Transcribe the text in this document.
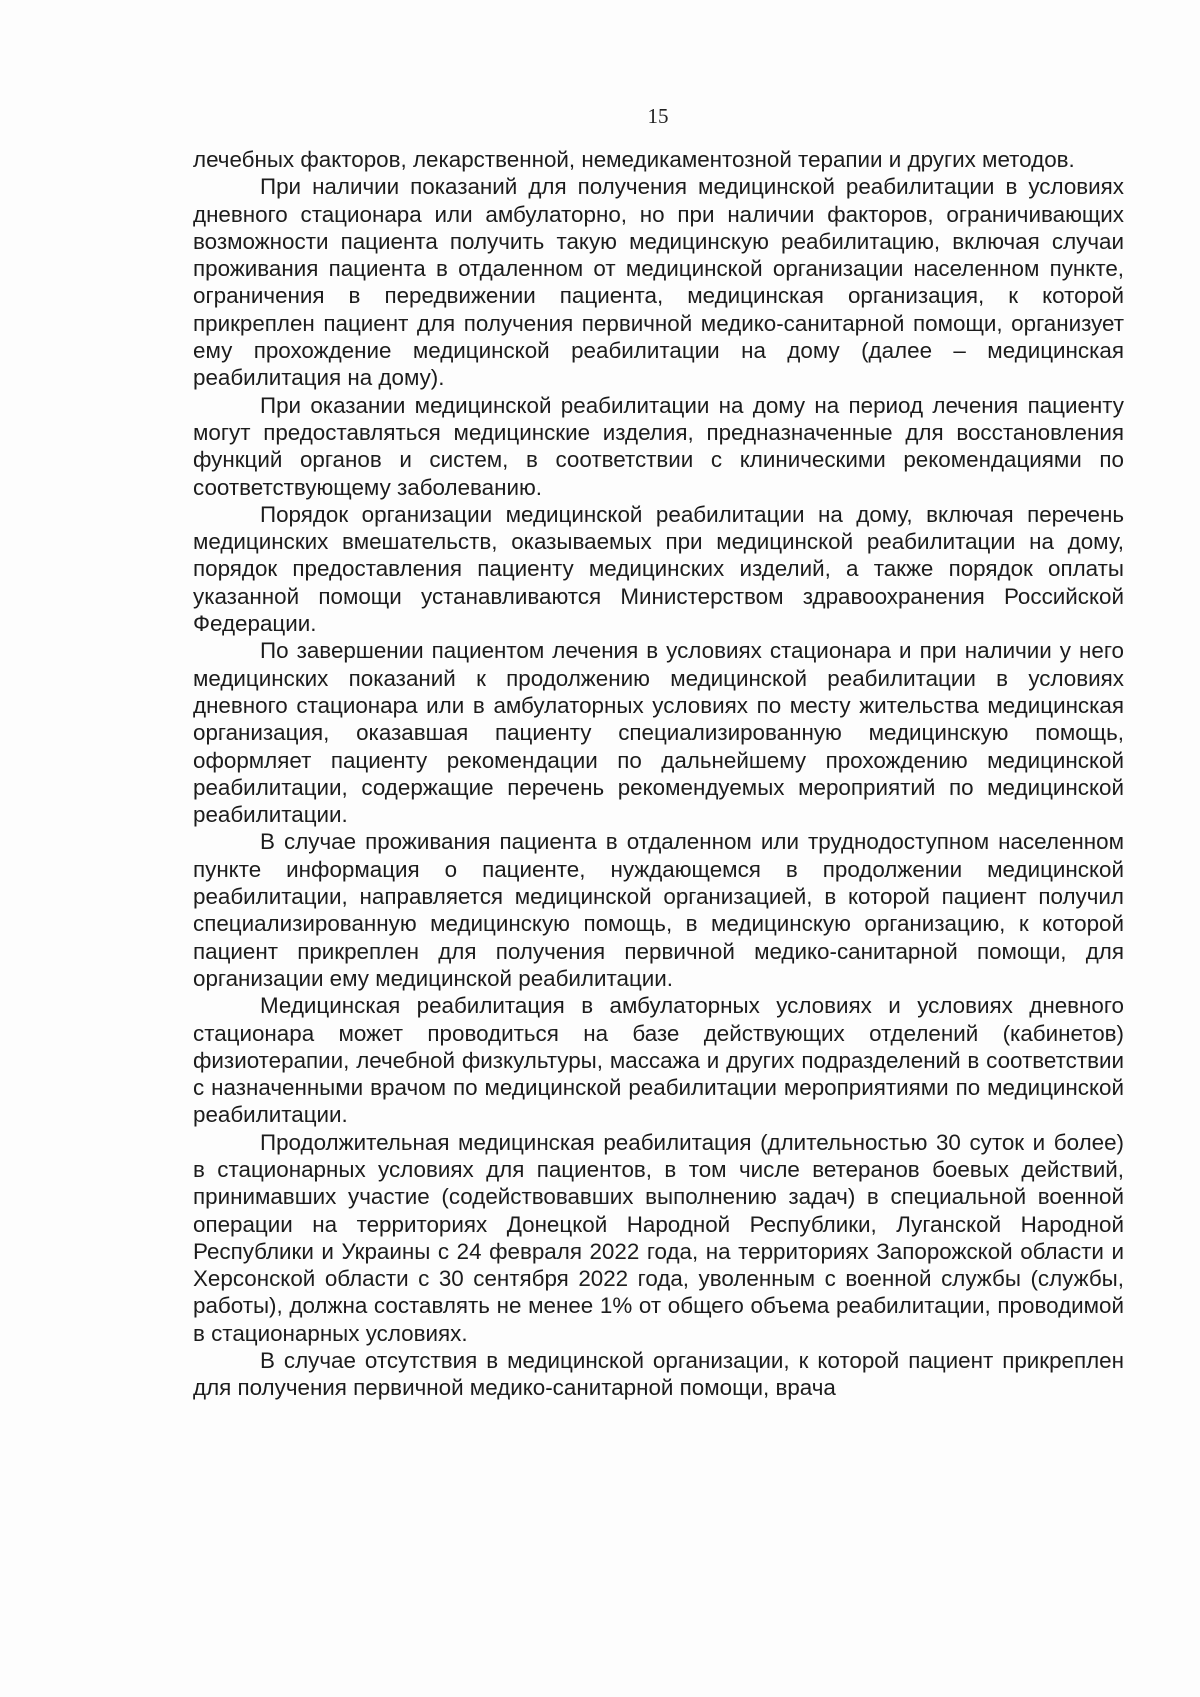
15

лечебных факторов, лекарственной, немедикаментозной терапии и других методов.

При наличии показаний для получения медицинской реабилитации в условиях дневного стационара или амбулаторно, но при наличии факторов, ограничивающих возможности пациента получить такую медицинскую реабилитацию, включая случаи проживания пациента в отдаленном от медицинской организации населенном пункте, ограничения в передвижении пациента, медицинская организация, к которой прикреплен пациент для получения первичной медико-санитарной помощи, организует ему прохождение медицинской реабилитации на дому (далее – медицинская реабилитация на дому).

При оказании медицинской реабилитации на дому на период лечения пациенту могут предоставляться медицинские изделия, предназначенные для восстановления функций органов и систем, в соответствии с клиническими рекомендациями по соответствующему заболеванию.

Порядок организации медицинской реабилитации на дому, включая перечень медицинских вмешательств, оказываемых при медицинской реабилитации на дому, порядок предоставления пациенту медицинских изделий, а также порядок оплаты указанной помощи устанавливаются Министерством здравоохранения Российской Федерации.

По завершении пациентом лечения в условиях стационара и при наличии у него медицинских показаний к продолжению медицинской реабилитации в условиях дневного стационара или в амбулаторных условиях по месту жительства медицинская организация, оказавшая пациенту специализированную медицинскую помощь, оформляет пациенту рекомендации по дальнейшему прохождению медицинской реабилитации, содержащие перечень рекомендуемых мероприятий по медицинской реабилитации.

В случае проживания пациента в отдаленном или труднодоступном населенном пункте информация о пациенте, нуждающемся в продолжении медицинской реабилитации, направляется медицинской организацией, в которой пациент получил специализированную медицинскую помощь, в медицинскую организацию, к которой пациент прикреплен для получения первичной медико-санитарной помощи, для организации ему медицинской реабилитации.

Медицинская реабилитация в амбулаторных условиях и условиях дневного стационара может проводиться на базе действующих отделений (кабинетов) физиотерапии, лечебной физкультуры, массажа и других подразделений в соответствии с назначенными врачом по медицинской реабилитации мероприятиями по медицинской реабилитации.

Продолжительная медицинская реабилитация (длительностью 30 суток и более) в стационарных условиях для пациентов, в том числе ветеранов боевых действий, принимавших участие (содействовавших выполнению задач) в специальной военной операции на территориях Донецкой Народной Республики, Луганской Народной Республики и Украины с 24 февраля 2022 года, на территориях Запорожской области и Херсонской области с 30 сентября 2022 года, уволенным с военной службы (службы, работы), должна составлять не менее 1% от общего объема реабилитации, проводимой в стационарных условиях.

В случае отсутствия в медицинской организации, к которой пациент прикреплен для получения первичной медико-санитарной помощи, врача
